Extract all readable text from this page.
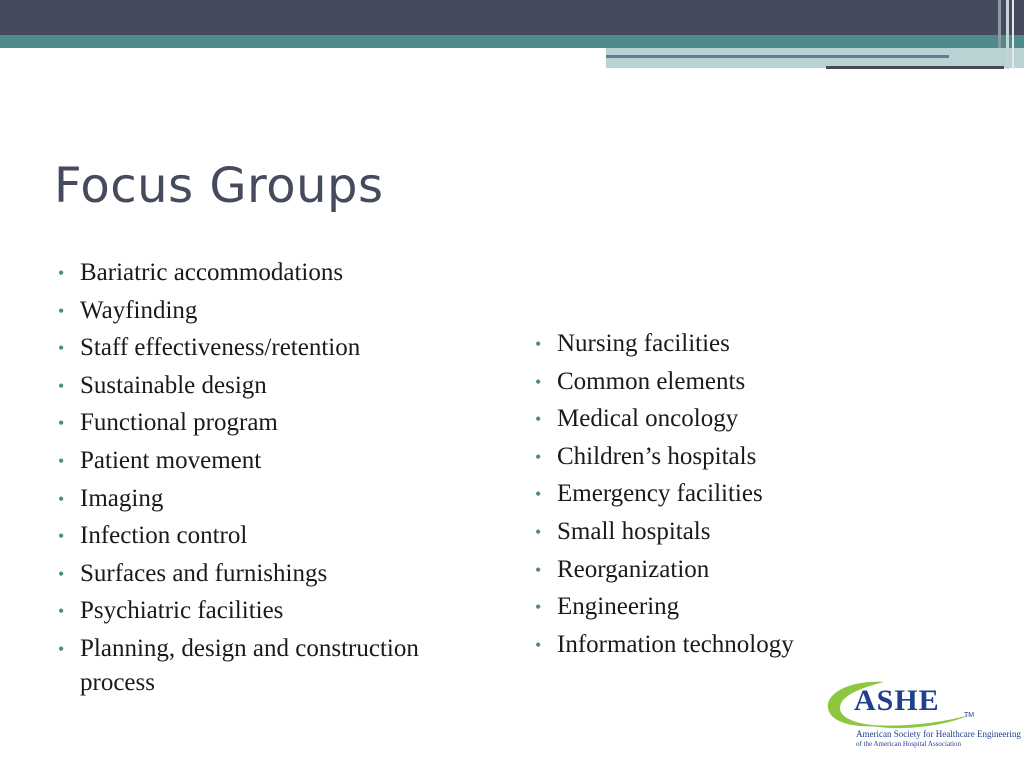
Focus Groups
• Bariatric accommodations
• Wayfinding
• Staff effectiveness/retention
• Sustainable design
• Functional program
• Patient movement
• Imaging
• Infection control
• Surfaces and furnishings
• Psychiatric facilities
• Planning, design and construction process
• Nursing facilities
• Common elements
• Medical oncology
• Children’s hospitals
• Emergency facilities
• Small hospitals
• Reorganization
• Engineering
• Information technology
ASHE	TM
American Society for Healthcare Engineering
of the American Hospital Association
